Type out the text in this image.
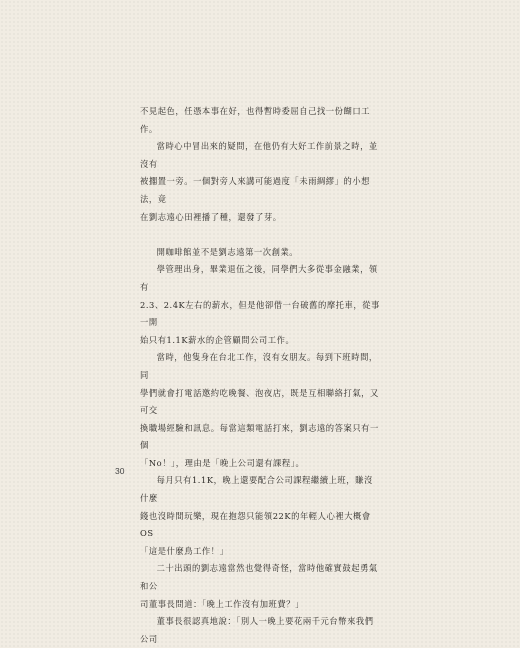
不見起色，任憑本事在好，也得暫時委屈自己找一份餬口工作。

當時心中冒出來的疑問，在他仍有大好工作前景之時，並沒有
被擱置一旁。一個對旁人來講可能過度「未雨綢繆」的小想法，竟
在劉志遠心田裡播了種，還發了芽。

開咖啡館並不是劉志遠第一次創業。

學管理出身，畢業退伍之後，同學們大多從事金融業，領有
2.3、2.4K左右的薪水，但是他卻借一台破舊的摩托車，從事一開
始只有1.1K薪水的企管顧問公司工作。

當時，他隻身在台北工作，沒有女朋友。每到下班時間，同
學們就會打電話邀約吃晚餐、泡夜店，既是互相聯絡打氣，又可交
換職場經驗和訊息。每當這類電話打來，劉志遠的答案只有一個
「No！」，理由是「晚上公司還有課程」。

每月只有1.1K，晚上還要配合公司課程繼續上班，賺沒什麼
錢也沒時間玩樂，現在抱怨只能領22K的年輕人心裡大概會OS
「這是什麼鳥工作！」

二十出頭的劉志遠當然也覺得奇怪，當時他確實鼓起勇氣和公
司董事長問道：「晚上工作沒有加班費？」

董事長很認真地說：「別人一晚上要花兩千元台幣來我們公司

30
